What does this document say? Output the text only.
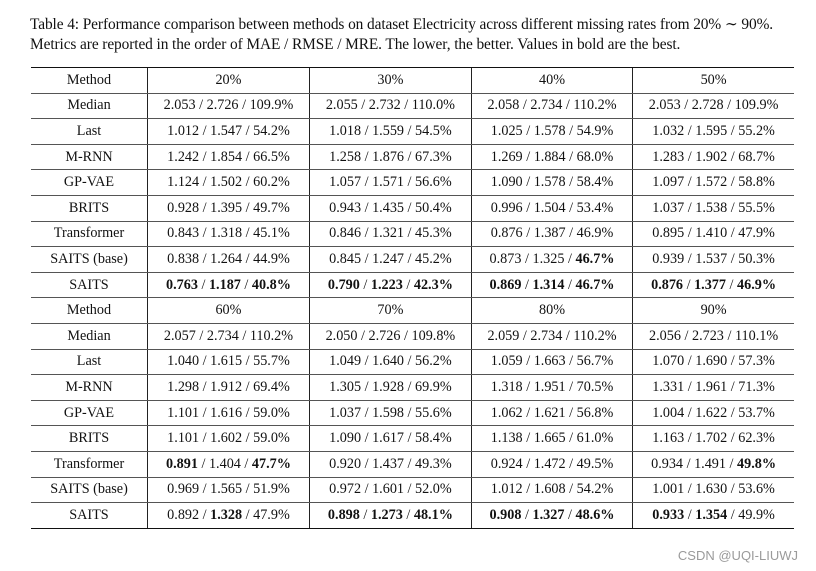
Table 4: Performance comparison between methods on dataset Electricity across different missing rates from 20% ∼ 90%. Metrics are reported in the order of MAE / RMSE / MRE. The lower, the better. Values in bold are the best.
Method	20%	30%	40%	50%
Median	2.053 / 2.726 / 109.9%	2.055 / 2.732 / 110.0%	2.058 / 2.734 / 110.2%	2.053 / 2.728 / 109.9%
Last	1.012 / 1.547 / 54.2%	1.018 / 1.559 / 54.5%	1.025 / 1.578 / 54.9%	1.032 / 1.595 / 55.2%
M-RNN	1.242 / 1.854 / 66.5%	1.258 / 1.876 / 67.3%	1.269 / 1.884 / 68.0%	1.283 / 1.902 / 68.7%
GP-VAE	1.124 / 1.502 / 60.2%	1.057 / 1.571 / 56.6%	1.090 / 1.578 / 58.4%	1.097 / 1.572 / 58.8%
BRITS	0.928 / 1.395 / 49.7%	0.943 / 1.435 / 50.4%	0.996 / 1.504 / 53.4%	1.037 / 1.538 / 55.5%
Transformer	0.843 / 1.318 / 45.1%	0.846 / 1.321 / 45.3%	0.876 / 1.387 / 46.9%	0.895 / 1.410 / 47.9%
SAITS (base)	0.838 / 1.264 / 44.9%	0.845 / 1.247 / 45.2%	0.873 / 1.325 / 46.7%	0.939 / 1.537 / 50.3%
SAITS	0.763 / 1.187 / 40.8%	0.790 / 1.223 / 42.3%	0.869 / 1.314 / 46.7%	0.876 / 1.377 / 46.9%
Method	60%	70%	80%	90%
Median	2.057 / 2.734 / 110.2%	2.050 / 2.726 / 109.8%	2.059 / 2.734 / 110.2%	2.056 / 2.723 / 110.1%
Last	1.040 / 1.615 / 55.7%	1.049 / 1.640 / 56.2%	1.059 / 1.663 / 56.7%	1.070 / 1.690 / 57.3%
M-RNN	1.298 / 1.912 / 69.4%	1.305 / 1.928 / 69.9%	1.318 / 1.951 / 70.5%	1.331 / 1.961 / 71.3%
GP-VAE	1.101 / 1.616 / 59.0%	1.037 / 1.598 / 55.6%	1.062 / 1.621 / 56.8%	1.004 / 1.622 / 53.7%
BRITS	1.101 / 1.602 / 59.0%	1.090 / 1.617 / 58.4%	1.138 / 1.665 / 61.0%	1.163 / 1.702 / 62.3%
Transformer	0.891 / 1.404 / 47.7%	0.920 / 1.437 / 49.3%	0.924 / 1.472 / 49.5%	0.934 / 1.491 / 49.8%
SAITS (base)	0.969 / 1.565 / 51.9%	0.972 / 1.601 / 52.0%	1.012 / 1.608 / 54.2%	1.001 / 1.630 / 53.6%
SAITS	0.892 / 1.328 / 47.9%	0.898 / 1.273 / 48.1%	0.908 / 1.327 / 48.6%	0.933 / 1.354 / 49.9%
CSDN @UQI-LIUWJ
